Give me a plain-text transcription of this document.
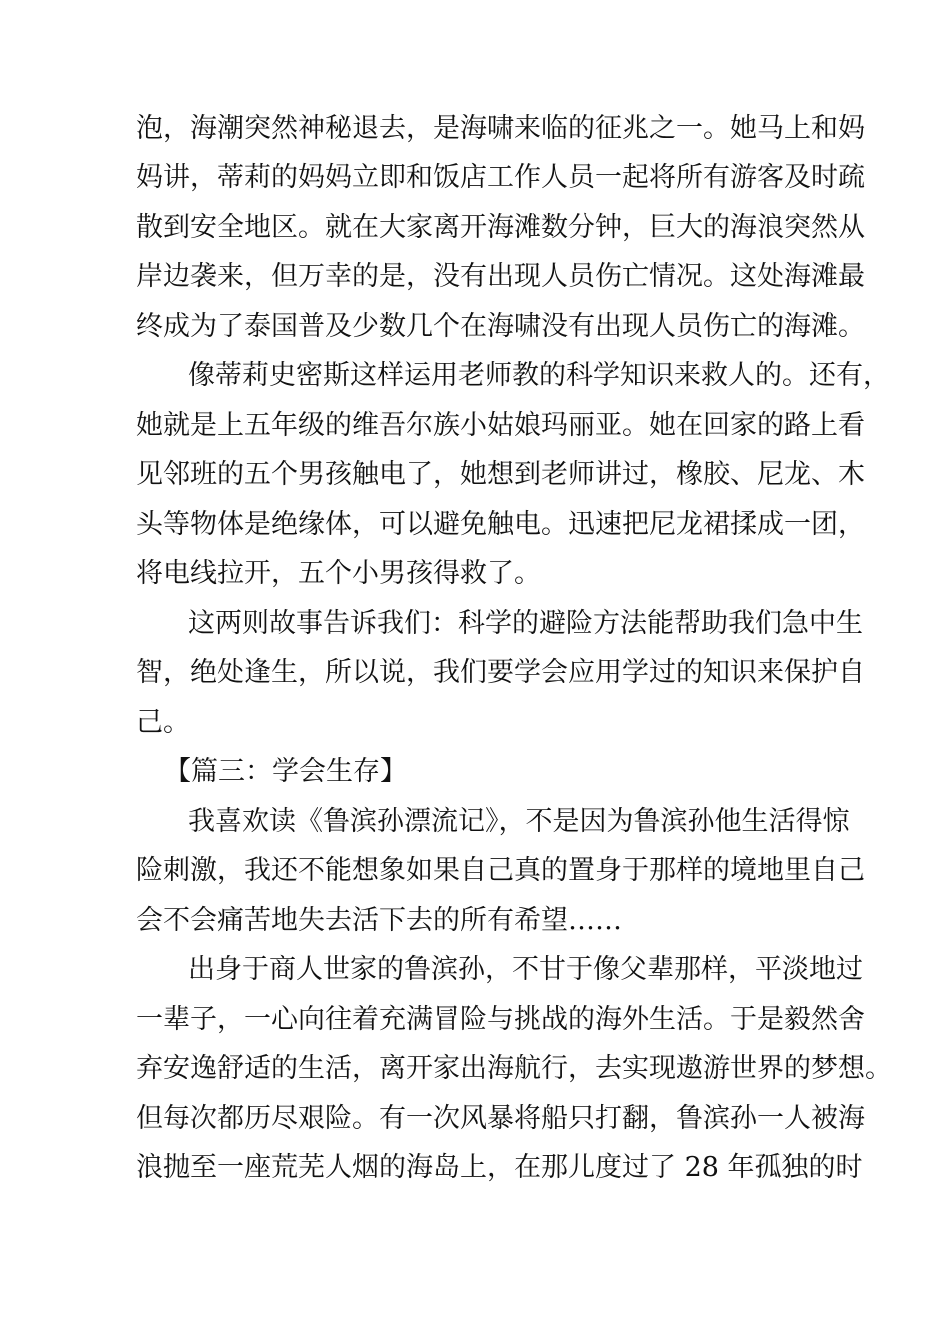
泡，海潮突然神秘退去，是海啸来临的征兆之一。她马上和妈

妈讲，蒂莉的妈妈立即和饭店工作人员一起将所有游客及时疏

散到安全地区。就在大家离开海滩数分钟，巨大的海浪突然从

岸边袭来，但万幸的是，没有出现人员伤亡情况。这处海滩最

终成为了泰国普及少数几个在海啸没有出现人员伤亡的海滩。

像蒂莉史密斯这样运用老师教的科学知识来救人的。还有，

她就是上五年级的维吾尔族小姑娘玛丽亚。她在回家的路上看

见邻班的五个男孩触电了，她想到老师讲过，橡胶、尼龙、木

头等物体是绝缘体，可以避免触电。迅速把尼龙裙揉成一团，

将电线拉开，五个小男孩得救了。

这两则故事告诉我们：科学的避险方法能帮助我们急中生

智，绝处逢生，所以说，我们要学会应用学过的知识来保护自

己。

【篇三：学会生存】

我喜欢读《鲁滨孙漂流记》，不是因为鲁滨孙他生活得惊

险刺激，我还不能想象如果自己真的置身于那样的境地里自己

会不会痛苦地失去活下去的所有希望……

出身于商人世家的鲁滨孙，不甘于像父辈那样，平淡地过

一辈子，一心向往着充满冒险与挑战的海外生活。于是毅然舍

弃安逸舒适的生活，离开家出海航行，去实现遨游世界的梦想。

但每次都历尽艰险。有一次风暴将船只打翻，鲁滨孙一人被海

浪抛至一座荒芜人烟的海岛上，在那儿度过了 28 年孤独的时
